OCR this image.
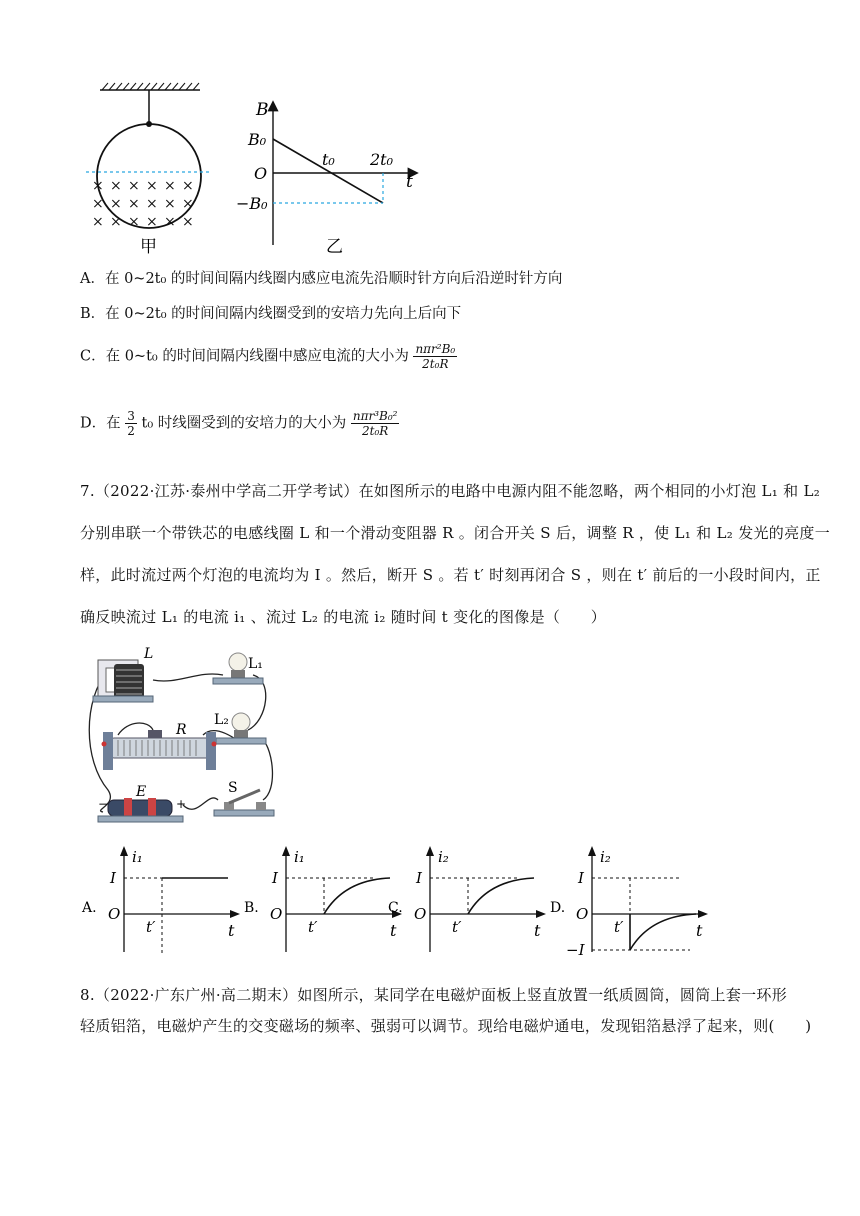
× × × × × ×
× × × × × ×
× × × × × ×
甲
B
t
B₀
O
−B₀
t₀ 2t₀
乙
A．在 0~2t₀ 的时间间隔内线圈内感应电流先沿顺时针方向后沿逆时针方向
B．在 0~2t₀ 的时间间隔内线圈受到的安培力先向上后向下
C．在 0~t₀ 的时间间隔内线圈中感应电流的大小为 $\frac{\text{nπr²B₀}}{\text{2t₀R}}$
D．在 $\frac{3}{2} t_0$ 时线圈受到的安培力的大小为 $\frac{\text{nπr³B₀²}}{\text{2t₀R}}$
7.（2022·江苏·泰州中学高二开学考试）在如图所示的电路中电源内阻不能忽略，两个相同的小灯泡 L₁ 和 L₂
分别串联一个带铁芯的电感线圈 L 和一个滑动变阻器 R 。闭合开关 S 后，调整 R ，使 L₁ 和 L₂ 发光的亮度一
样，此时流过两个灯泡的电流均为 I 。然后，断开 S 。若 t′ 时刻再闭合 S ，则在 t′ 前后的一小段时间内，正
确反映流过 L₁ 的电流 i₁ 、流过 L₂ 的电流 i₂ 随时间 t 变化的图像是（　　）
L
L₁
L₂
R
E	S
−	+
A.
i₁
I
O
t′	t
B.
i₁
I
O
t′	t
C.
i₂
I
O
t′	t
D.
i₂
I
O
t′	t
−I
8.（2022·广东广州·高二期末）如图所示，某同学在电磁炉面板上竖直放置一纸质圆筒，圆筒上套一环形
轻质铝箔，电磁炉产生的交变磁场的频率、强弱可以调节。现给电磁炉通电，发现铝箔悬浮了起来，则(　　)
